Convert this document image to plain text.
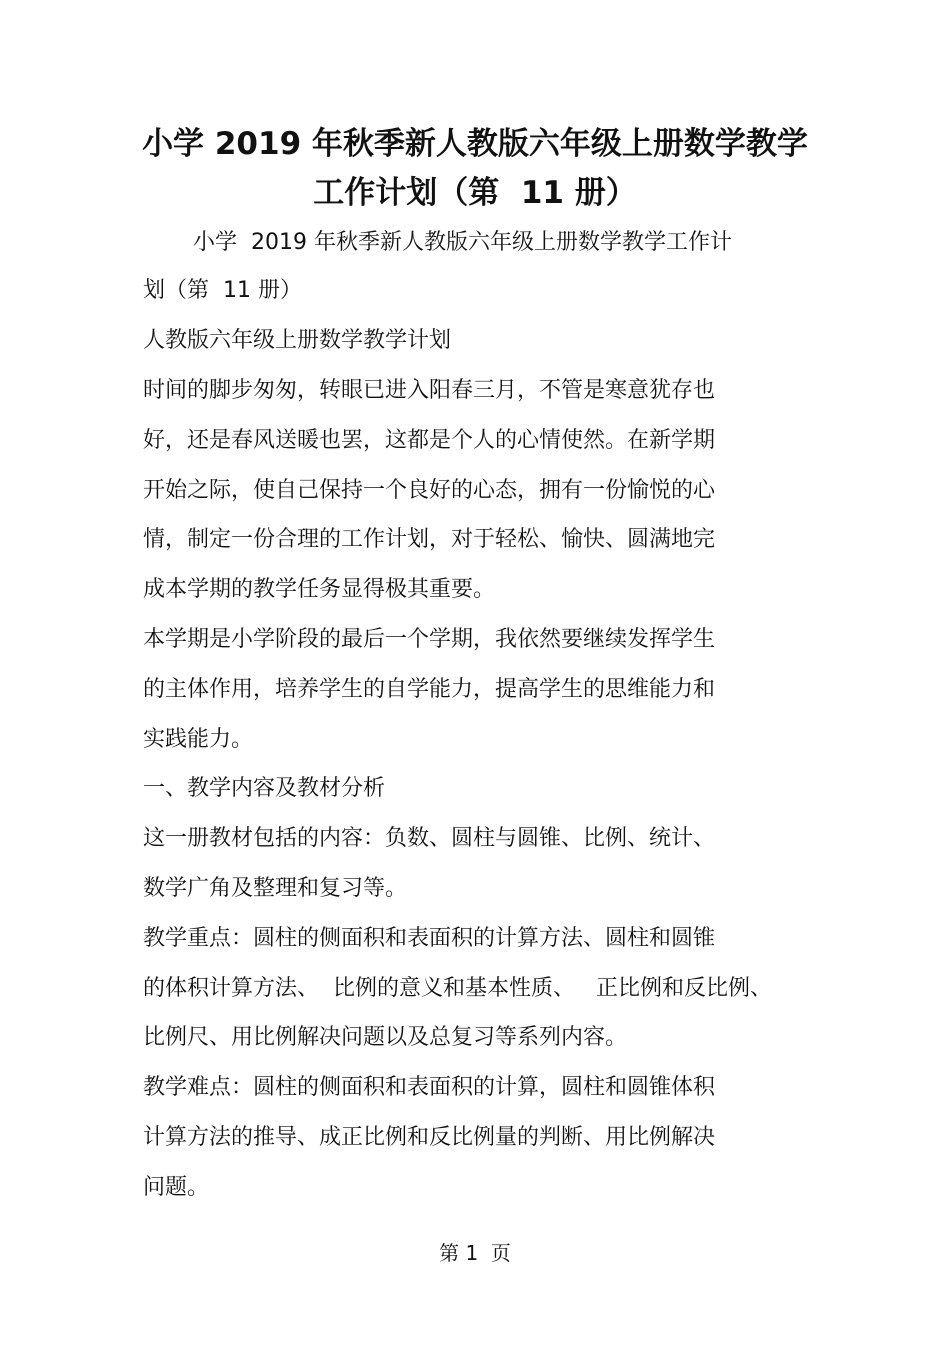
小学 2019 年秋季新人教版六年级上册数学教学
工作计划（第  11 册）

小学  2019 年秋季新人教版六年级上册数学教学工作计

划（第  11 册）

人教版六年级上册数学教学计划

时间的脚步匆匆，转眼已进入阳春三月，不管是寒意犹存也

好，还是春风送暖也罢，这都是个人的心情使然。在新学期

开始之际，使自己保持一个良好的心态，拥有一份愉悦的心

情，制定一份合理的工作计划，对于轻松、愉快、圆满地完

成本学期的教学任务显得极其重要。

本学期是小学阶段的最后一个学期，我依然要继续发挥学生

的主体作用，培养学生的自学能力，提高学生的思维能力和

实践能力。

一、教学内容及教材分析

这一册教材包括的内容：负数、圆柱与圆锥、比例、统计、

数学广角及整理和复习等。

教学重点：圆柱的侧面积和表面积的计算方法、圆柱和圆锥

的体积计算方法、  比例的意义和基本性质、   正比例和反比例、

比例尺、用比例解决问题以及总复习等系列内容。

教学难点：圆柱的侧面积和表面积的计算，圆柱和圆锥体积

计算方法的推导、成正比例和反比例量的判断、用比例解决

问题。

第 1  页
